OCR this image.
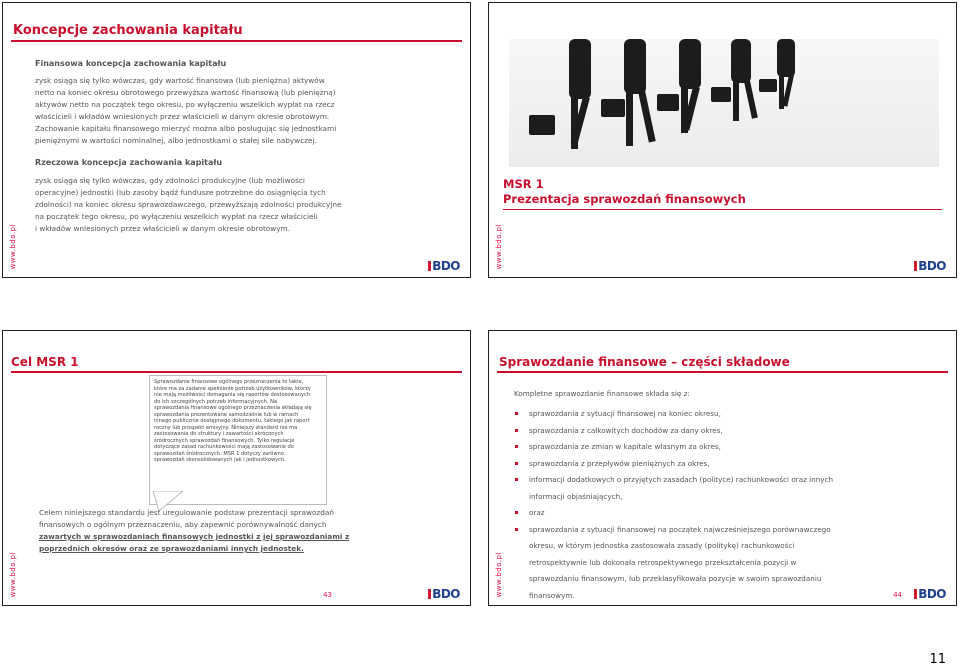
Koncepcje zachowania kapitału
Finansowa koncepcja zachowania kapitału
zysk osiąga się tylko wówczas, gdy wartość finansowa (lub pieniężna) aktywów
netto na koniec okresu obrotowego przewyższa wartość finansową (lub pieniężną)
aktywów netto na początek tego okresu, po wyłączeniu wszelkich wypłat na rzecz
właścicieli i wkładów wniesionych przez właścicieli w danym okresie obrotowym.
Zachowanie kapitału finansowego mierzyć można albo posługując się jednostkami
pieniężnymi w wartości nominalnej, albo jednostkami o stałej sile nabywczej.
Rzeczowa koncepcja zachowania kapitału
zysk osiąga się tylko wówczas, gdy zdolności produkcyjne (lub możliwości
operacyjne) jednostki (lub zasoby bądź fundusze potrzebne do osiągnięcia tych
zdolności) na koniec okresu sprawozdawczego, przewyższają zdolności produkcyjne
na początek tego okresu, po wyłączeniu wszelkich wypłat na rzecz właścicieli
i wkładów wniesionych przez właścicieli w danym okresie obrotowym.
www.bdo.pl	BDO
MSR 1
Prezentacja sprawozdań finansowych
www.bdo.pl	BDO
Cel MSR 1
Sprawozdanie finansowe ogólnego przeznaczenia to takie,
które ma za zadanie spełnienie potrzeb użytkowników, którzy
nie mają możliwości domagania się raportów dostosowanych
do ich szczególnych potrzeb informacyjnych. Na
sprawozdania finansowe ogólnego przeznaczenia składają się
sprawozdania prezentowane samodzielnie lub w ramach
innego publicznie dostępnego dokumentu, takiego jak raport
roczny lub prospekt emisyjny. Niniejszy standard nie ma
zastosowania do struktury i zawartości skróconych
śródrocznych sprawozdań finansowych. Tylko regulacje
dotyczące zasad rachunkowości mają zastosowanie do
sprawozdań śródrocznych. MSR 1 dotyczy zarówno
sprawozdań skonsolidowanych jak i jednostkowych.
Celem niniejszego standardu jest uregulowanie podstaw prezentacji sprawozdań
finansowych o ogólnym przeznaczeniu, aby zapewnić porównywalność danych
zawartych w sprawozdaniach finansowych jednostki z jej sprawozdaniami z
poprzednich okresów oraz ze sprawozdaniami innych jednostek.
43
www.bdo.pl	BDO
Sprawozdanie finansowe – części składowe
Kompletne sprawozdanie finansowe składa się z:
sprawozdania z sytuacji finansowej na koniec okresu,
sprawozdania z całkowitych dochodów za dany okres,
sprawozdania ze zmian w kapitale własnym za okres,
sprawozdania z przepływów pieniężnych za okres,
informacji dodatkowych o przyjętych zasadach (polityce) rachunkowości oraz innych informacji objaśniających,
oraz
sprawozdania z sytuacji finansowej na początek najwcześniejszego porównawczego okresu, w którym jednostka zastosowała zasady (politykę) rachunkowości retrospektywnie lub dokonała retrospektywnego przekształcenia pozycji w sprawozdaniu finansowym, lub przeklasyfikowała pozycje w swoim sprawozdaniu finansowym.	44
www.bdo.pl	BDO
11
